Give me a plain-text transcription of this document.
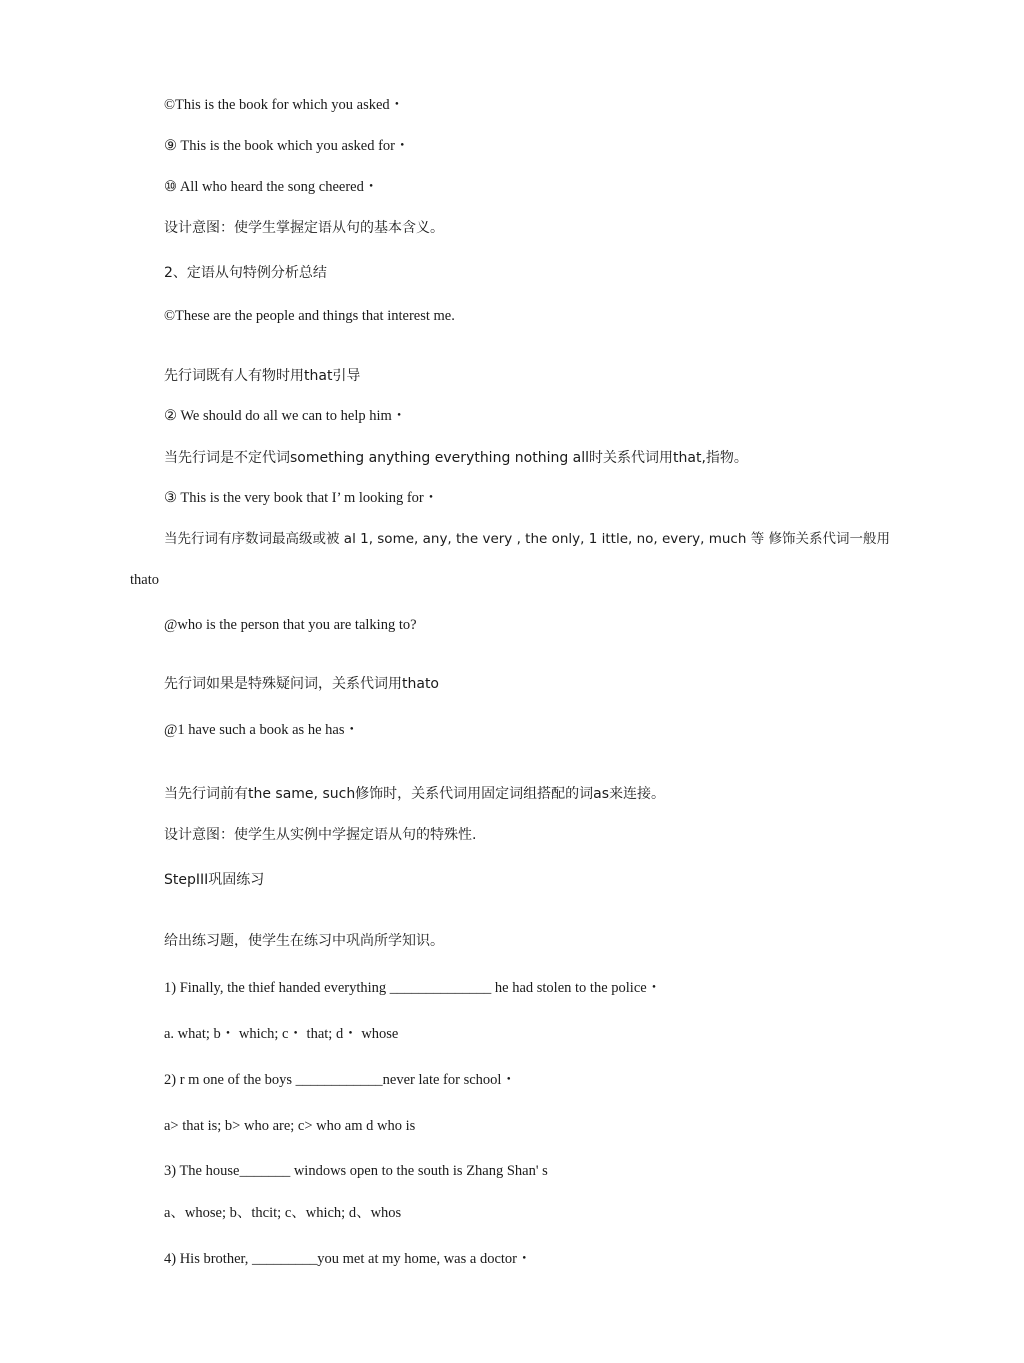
©This is the book for which you asked・
⑨ This is the book which you asked for・
⑩ All who heard the song cheered・
设计意图：使学生掌握定语从句的基本含义。
2、定语从句特例分析总结
©These are the people and things that interest me.
先行词既有人有物时用that引导
② We should do all we can to help him・
当先行词是不定代词something anything everything nothing all时关系代词用that,指物。
③ This is the very book that I’ m looking for・
当先行词有序数词最高级或被 al 1, some, any, the very , the only, 1 ittle, no, every, much 等 修饰关系代词一般用
thato
@who is the person that you are talking to?
先行词如果是特殊疑问词，关系代词用thato
@1 have such a book as he has・
当先行词前有the same, such修饰时，关系代词用固定词组搭配的词as来连接。
设计意图：使学生从实例中学握定语从句的特殊性.
StepIII巩固练习
给出练习题，使学生在练习中巩尚所学知识。
1) Finally, the thief handed everything ______________ he had stolen to the police・
a. what; b・ which; c・ that; d・ whose
2) r m one of the boys ____________never late for school・
a> that is; b> who are; c> who am d who is
3) The house_______ windows open to the south is Zhang Shan' s
a、whose; b、thcit; c、which; d、whos
4) His brother, _________you met at my home, was a doctor・
